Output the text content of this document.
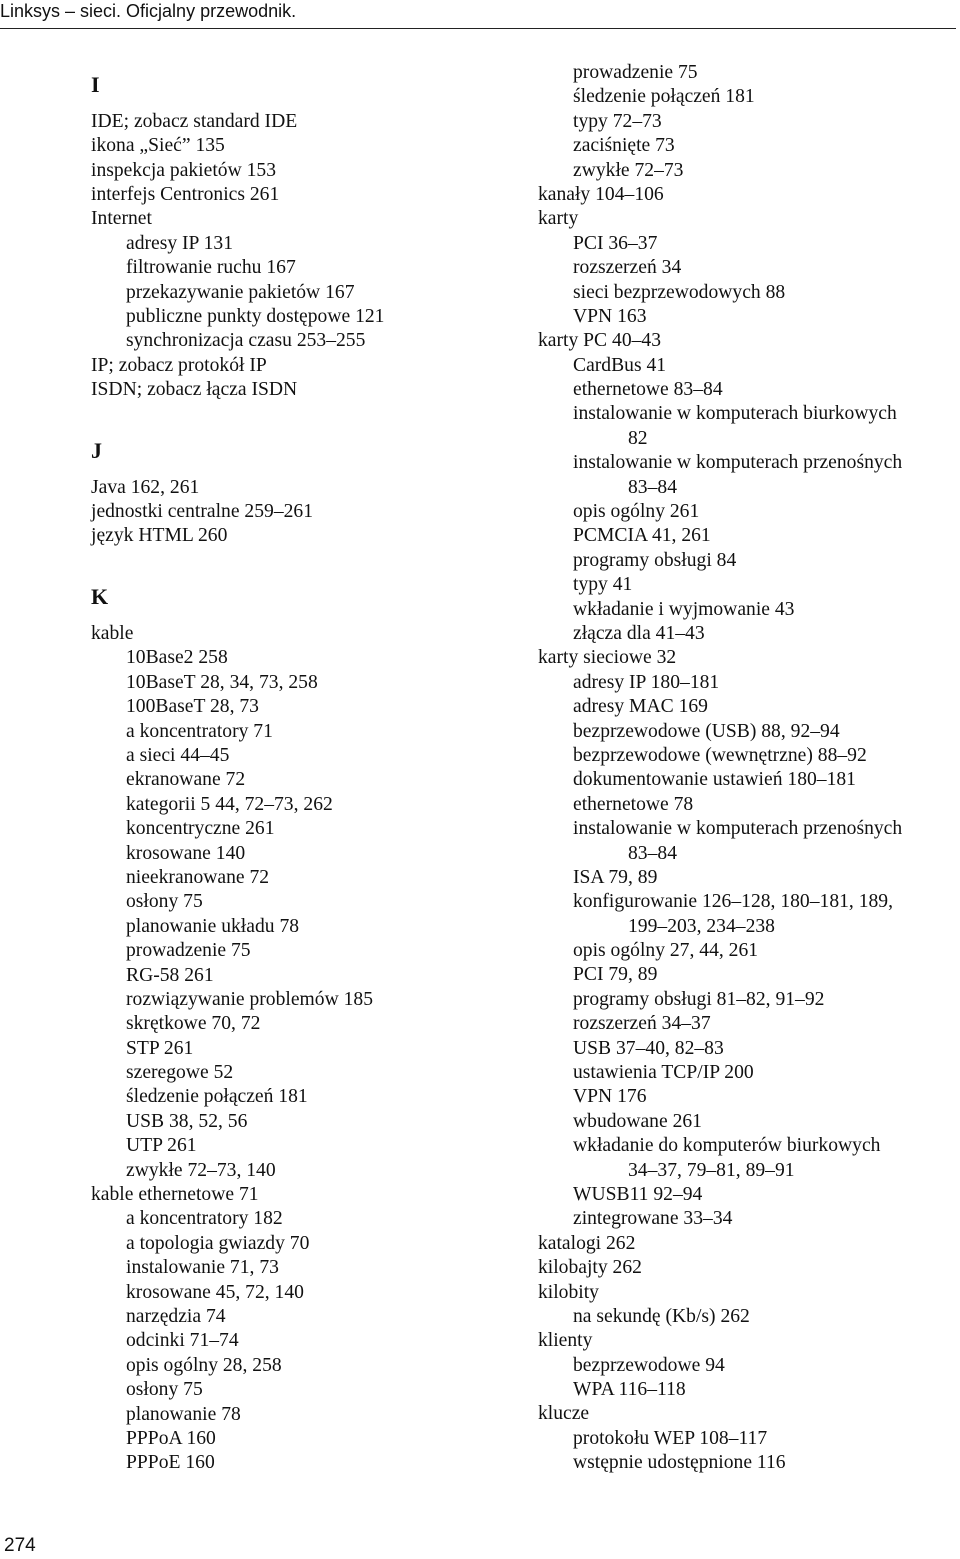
Linksys – sieci. Oficjalny przewodnik.
I
IDE; zobacz standard IDE
ikona „Sieć” 135
inspekcja pakietów 153
interfejs Centronics 261
Internet
adresy IP 131
filtrowanie ruchu 167
przekazywanie pakietów 167
publiczne punkty dostępowe 121
synchronizacja czasu 253–255
IP; zobacz protokół IP
ISDN; zobacz łącza ISDN
J
Java 162, 261
jednostki centralne 259–261
język HTML 260
K
kable
10Base2 258
10BaseT 28, 34, 73, 258
100BaseT 28, 73
a koncentratory 71
a sieci 44–45
ekranowane 72
kategorii 5 44, 72–73, 262
koncentryczne 261
krosowane 140
nieekranowane 72
osłony 75
planowanie układu 78
prowadzenie 75
RG-58 261
rozwiązywanie problemów 185
skrętkowe 70, 72
STP 261
szeregowe 52
śledzenie połączeń 181
USB 38, 52, 56
UTP 261
zwykłe 72–73, 140
kable ethernetowe 71
a koncentratory 182
a topologia gwiazdy 70
instalowanie 71, 73
krosowane 45, 72, 140
narzędzia 74
odcinki 71–74
opis ogólny 28, 258
osłony 75
planowanie 78
PPPoA 160
PPPoE 160
prowadzenie 75
śledzenie połączeń 181
typy 72–73
zaciśnięte 73
zwykłe 72–73
kanały 104–106
karty
PCI 36–37
rozszerzeń 34
sieci bezprzewodowych 88
VPN 163
karty PC 40–43
CardBus 41
ethernetowe 83–84
instalowanie w komputerach biurkowych
82
instalowanie w komputerach przenośnych
83–84
opis ogólny 261
PCMCIA 41, 261
programy obsługi 84
typy 41
wkładanie i wyjmowanie 43
złącza dla 41–43
karty sieciowe 32
adresy IP 180–181
adresy MAC 169
bezprzewodowe (USB) 88, 92–94
bezprzewodowe (wewnętrzne) 88–92
dokumentowanie ustawień 180–181
ethernetowe 78
instalowanie w komputerach przenośnych
83–84
ISA 79, 89
konfigurowanie 126–128, 180–181, 189,
199–203, 234–238
opis ogólny 27, 44, 261
PCI 79, 89
programy obsługi 81–82, 91–92
rozszerzeń 34–37
USB 37–40, 82–83
ustawienia TCP/IP 200
VPN 176
wbudowane 261
wkładanie do komputerów biurkowych
34–37, 79–81, 89–91
WUSB11 92–94
zintegrowane 33–34
katalogi 262
kilobajty 262
kilobity
na sekundę (Kb/s) 262
klienty
bezprzewodowe 94
WPA 116–118
klucze
protokołu WEP 108–117
wstępnie udostępnione 116
274
